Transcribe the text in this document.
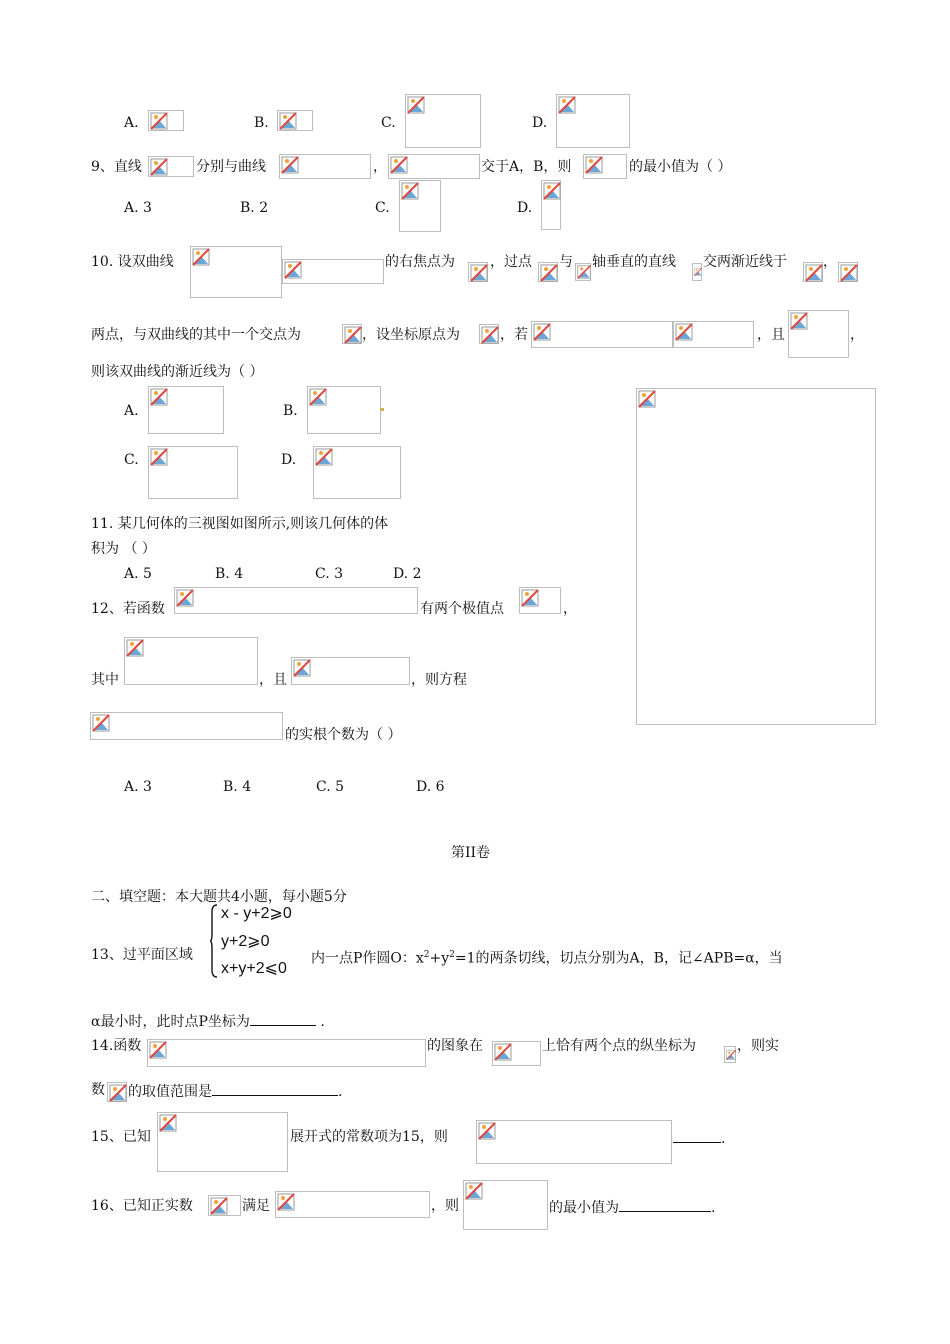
A.	B.	C.	D.
9、直线	分别与曲线	，	交于A，B，则	的最小值为（ ）
A. 3	B. 2	C.	D.
10. 设双曲线	的右焦点为	，过点 与 轴垂直的直线 交两渐近线于	，
两点，与双曲线的其中一个交点为	，设坐标原点为	，若	，且	，
则该双曲线的渐近线为（ ）
A.	B.
C.	D.
11. 某几何体的三视图如图所示,则该几何体的体
积为 （ ）
A. 5	B. 4	C. 3	D. 2
12、若函数	有两个极值点	，
其中	，且	，则方程
的实根个数为（ ）
A. 3	B. 4	C. 5	D. 6
第II卷
二、填空题：本大题共4小题，每小题5分
13、过平面区域
x - y+2⩾0
y+2⩾0
x+y+2⩽0
内一点P作圆O：$x^2+y^2=1$的两条切线，切点分别为A，B，记∠APB=α，当
α最小时，此时点P坐标为	.
14.函数	的图象在	上恰有两个点的纵坐标为	，则实
数 的取值范围是	.
15、已知	展开式的常数项为15，则	.
16、已知正实数	满足	，则	的最小值为	.
